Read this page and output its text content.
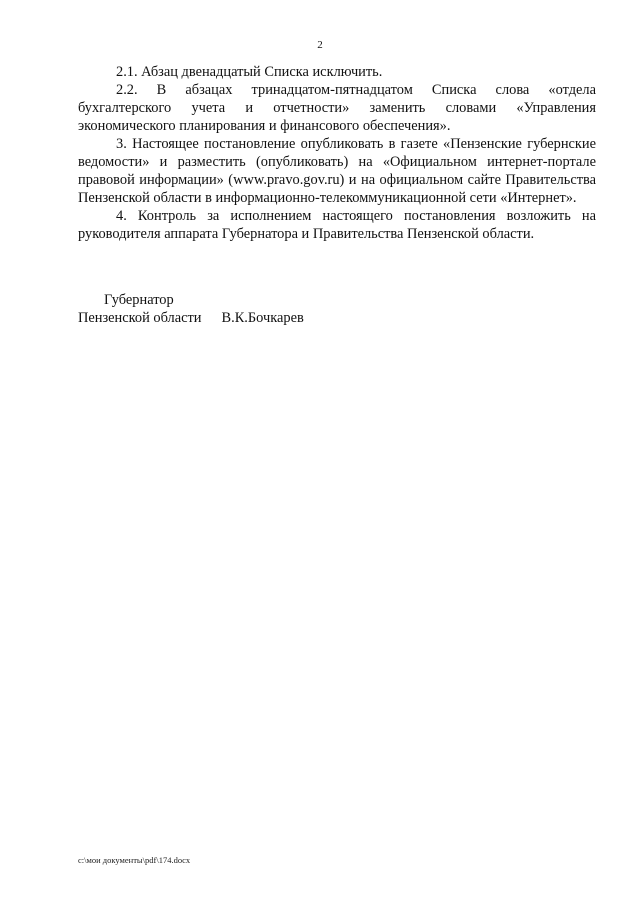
2

2.1. Абзац двенадцатый Списка исключить.

2.2. В абзацах тринадцатом-пятнадцатом Списка слова «отдела бухгалтерского учета и отчетности» заменить словами «Управления экономического планирования и финансового обеспечения».

3. Настоящее постановление опубликовать в газете «Пензенские губернские ведомости» и разместить (опубликовать) на «Официальном интернет-портале правовой информации» (www.pravo.gov.ru) и на официальном сайте Правительства Пензенской области в информационно-телекоммуникационной сети «Интернет».

4. Контроль за исполнением настоящего постановления возложить на руководителя аппарата Губернатора и Правительства Пензенской области.

Губернатор
Пензенской области В.К.Бочкарев
c:\мои документы\pdf\174.docx
